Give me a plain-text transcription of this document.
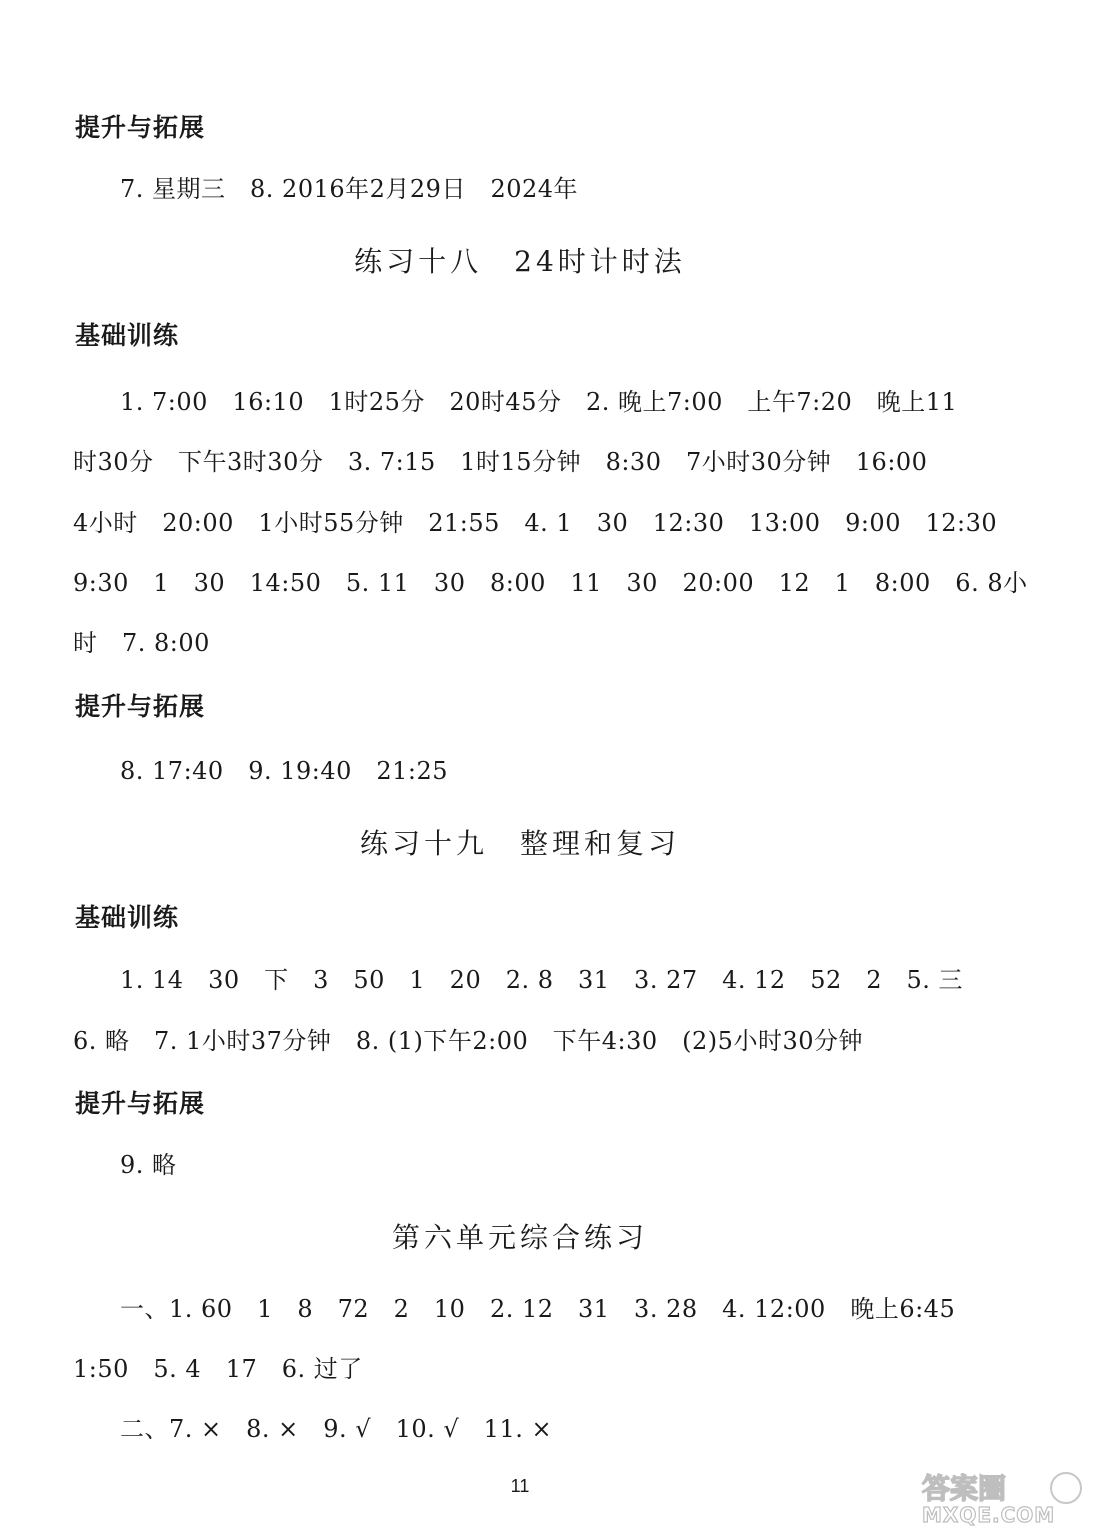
提升与拓展
7. 星期三　8. 2016年2月29日　2024年
练习十八　24时计时法
基础训练
1. 7:00　16:10　1时25分　20时45分　2. 晚上7:00　上午7:20　晚上11
时30分　下午3时30分　3. 7:15　1时15分钟　8:30　7小时30分钟　16:00
4小时　20:00　1小时55分钟　21:55　4. 1　30　12:30　13:00　9:00　12:30
9:30　1　30　14:50　5. 11　30　8:00　11　30　20:00　12　1　8:00　6. 8小
时　7. 8:00
提升与拓展
8. 17:40　9. 19:40　21:25
练习十九　整理和复习
基础训练
1. 14　30　下　3　50　1　20　2. 8　31　3. 27　4. 12　52　2　5. 三
6. 略　7. 1小时37分钟　8. (1)下午2:00　下午4:30　(2)5小时30分钟
提升与拓展
9. 略
第六单元综合练习
一、1. 60　1　8　72　2　10　2. 12　31　3. 28　4. 12:00　晚上6:45
1:50　5. 4　17　6. 过了
二、7. ×　8. ×　9. √　10. √　11. ×
11	答案圈
MXQE.COM
